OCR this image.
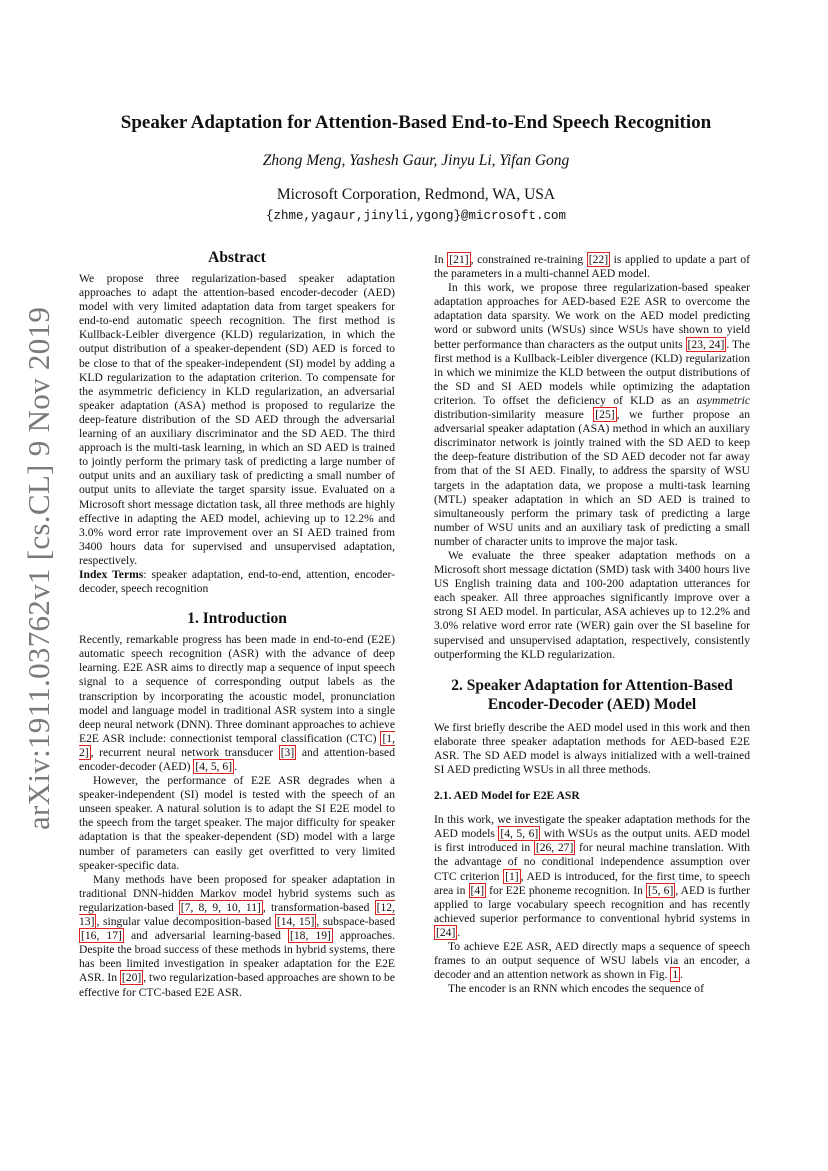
arXiv:1911.03762v1 [cs.CL] 9 Nov 2019
Speaker Adaptation for Attention-Based End-to-End Speech Recognition
Zhong Meng, Yashesh Gaur, Jinyu Li, Yifan Gong
Microsoft Corporation, Redmond, WA, USA
{zhme,yagaur,jinyli,ygong}@microsoft.com
Abstract

We propose three regularization-based speaker adaptation approaches to adapt the attention-based encoder-decoder (AED) model with very limited adaptation data from target speakers for end-to-end automatic speech recognition. The first method is Kullback-Leibler divergence (KLD) regularization, in which the output distribution of a speaker-dependent (SD) AED is forced to be close to that of the speaker-independent (SI) model by adding a KLD regularization to the adaptation criterion. To compensate for the asymmetric deficiency in KLD regularization, an adversarial speaker adaptation (ASA) method is proposed to regularize the deep-feature distribution of the SD AED through the adversarial learning of an auxiliary discriminator and the SD AED. The third approach is the multi-task learning, in which an SD AED is trained to jointly perform the primary task of predicting a large number of output units and an auxiliary task of predicting a small number of output units to alleviate the target sparsity issue. Evaluated on a Microsoft short message dictation task, all three methods are highly effective in adapting the AED model, achieving up to 12.2% and 3.0% word error rate improvement over an SI AED trained from 3400 hours data for supervised and unsupervised adaptation, respectively.

Index Terms: speaker adaptation, end-to-end, attention, encoder-decoder, speech recognition

1. Introduction

Recently, remarkable progress has been made in end-to-end (E2E) automatic speech recognition (ASR) with the advance of deep learning. E2E ASR aims to directly map a sequence of input speech signal to a sequence of corresponding output labels as the transcription by incorporating the acoustic model, pronunciation model and language model in traditional ASR system into a single deep neural network (DNN). Three dominant approaches to achieve E2E ASR include: connectionist temporal classification (CTC) [1, 2] , recurrent neural network transducer [3] and attention-based encoder-decoder (AED) [4, 5, 6] .

However, the performance of E2E ASR degrades when a speaker-independent (SI) model is tested with the speech of an unseen speaker. A natural solution is to adapt the SI E2E model to the speech from the target speaker. The major difficulty for speaker adaptation is that the speaker-dependent (SD) model with a large number of parameters can easily get overfitted to very limited speaker-specific data.

Many methods have been proposed for speaker adaptation in traditional DNN-hidden Markov model hybrid systems such as regularization-based [7, 8, 9, 10, 11] , transformation-based [12, 13] , singular value decomposition-based [14, 15] , subspace-based [16, 17] and adversarial learning-based [18, 19] approaches. Despite the broad success of these methods in hybrid systems, there has been limited investigation in speaker adaptation for the E2E ASR. In [20] , two regularization-based approaches are shown to be effective for CTC-based E2E ASR.

In [21] , constrained re-training [22] is applied to update a part of the parameters in a multi-channel AED model.

In this work, we propose three regularization-based speaker adaptation approaches for AED-based E2E ASR to overcome the adaptation data sparsity. We work on the AED model predicting word or subword units (WSUs) since WSUs have shown to yield better performance than characters as the output units [23, 24] . The first method is a Kullback-Leibler divergence (KLD) regularization in which we minimize the KLD between the output distributions of the SD and SI AED models while optimizing the adaptation criterion. To offset the deficiency of KLD as an asymmetric distribution-similarity measure [25] , we further propose an adversarial speaker adaptation (ASA) method in which an auxiliary discriminator network is jointly trained with the SD AED to keep the deep-feature distribution of the SD AED decoder not far away from that of the SI AED. Finally, to address the sparsity of WSU targets in the adaptation data, we propose a multi-task learning (MTL) speaker adaptation in which an SD AED is trained to simultaneously perform the primary task of predicting a large number of WSU units and an auxiliary task of predicting a small number of character units to improve the major task.

We evaluate the three speaker adaptation methods on a Microsoft short message dictation (SMD) task with 3400 hours live US English training data and 100-200 adaptation utterances for each speaker. All three approaches significantly improve over a strong SI AED model. In particular, ASA achieves up to 12.2% and 3.0% relative word error rate (WER) gain over the SI baseline for supervised and unsupervised adaptation, respectively, consistently outperforming the KLD regularization.

2. Speaker Adaptation for Attention-Based
Encoder-Decoder (AED) Model

We first briefly describe the AED model used in this work and then elaborate three speaker adaptation methods for AED-based E2E ASR. The SD AED model is always initialized with a well-trained SI AED predicting WSUs in all three methods.

2.1. AED Model for E2E ASR

In this work, we investigate the speaker adaptation methods for the AED models [4, 5, 6] with WSUs as the output units. AED model is first introduced in [26, 27] for neural machine translation. With the advantage of no conditional independence assumption over CTC criterion [1] , AED is introduced, for the first time, to speech area in [4] for E2E phoneme recognition. In [5, 6] , AED is further applied to large vocabulary speech recognition and has recently achieved superior performance to conventional hybrid systems in [24] .

To achieve E2E ASR, AED directly maps a sequence of speech frames to an output sequence of WSU labels via an encoder, a decoder and an attention network as shown in Fig. 1 .

The encoder is an RNN which encodes the sequence of
